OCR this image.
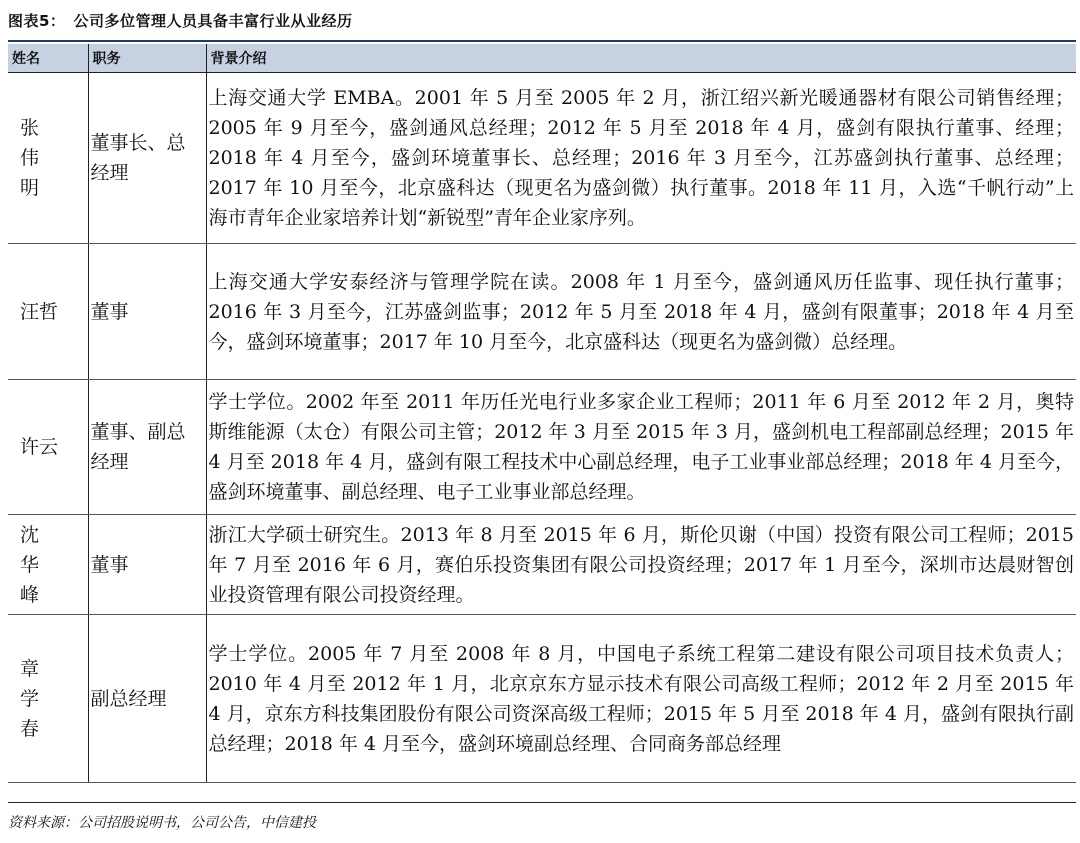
图表5： 公司多位管理人员具备丰富行业从业经历
姓名	职务	背景介绍
张伟明	董事长、总经理	上海交通大学 EMBA。2001 年 5 月至 2005 年 2 月，浙江绍兴新光暖通器材有限公司销售经理；2005 年 9 月至今，盛剑通风总经理；2012 年 5 月至 2018 年 4 月，盛剑有限执行董事、经理；2018 年 4 月至今，盛剑环境董事长、总经理；2016 年 3 月至今，江苏盛剑执行董事、总经理；2017 年 10 月至今，北京盛科达（现更名为盛剑微）执行董事。2018 年 11 月，入选“千帆行动”上海市青年企业家培养计划“新锐型”青年企业家序列。
汪哲	董事	上海交通大学安泰经济与管理学院在读。2008 年 1 月至今，盛剑通风历任监事、现任执行董事；2016 年 3 月至今，江苏盛剑监事；2012 年 5 月至 2018 年 4 月，盛剑有限董事；2018 年 4 月至今，盛剑环境董事；2017 年 10 月至今，北京盛科达（现更名为盛剑微）总经理。
许云	董事、副总经理	学士学位。2002 年至 2011 年历任光电行业多家企业工程师；2011 年 6 月至 2012 年 2 月，奥特斯维能源（太仓）有限公司主管；2012 年 3 月至 2015 年 3 月，盛剑机电工程部副总经理；2015 年 4 月至 2018 年 4 月，盛剑有限工程技术中心副总经理，电子工业事业部总经理；2018 年 4 月至今，盛剑环境董事、副总经理、电子工业事业部总经理。
沈华峰	董事	浙江大学硕士研究生。2013 年 8 月至 2015 年 6 月，斯伦贝谢（中国）投资有限公司工程师；2015 年 7 月至 2016 年 6 月，赛伯乐投资集团有限公司投资经理；2017 年 1 月至今，深圳市达晨财智创业投资管理有限公司投资经理。
章学春	副总经理	学士学位。2005 年 7 月至 2008 年 8 月，中国电子系统工程第二建设有限公司项目技术负责人；2010 年 4 月至 2012 年 1 月，北京京东方显示技术有限公司高级工程师；2012 年 2 月至 2015 年 4 月，京东方科技集团股份有限公司资深高级工程师；2015 年 5 月至 2018 年 4 月，盛剑有限执行副总经理；2018 年 4 月至今，盛剑环境副总经理、合同商务部总经理
资料来源：公司招股说明书，公司公告，中信建投
